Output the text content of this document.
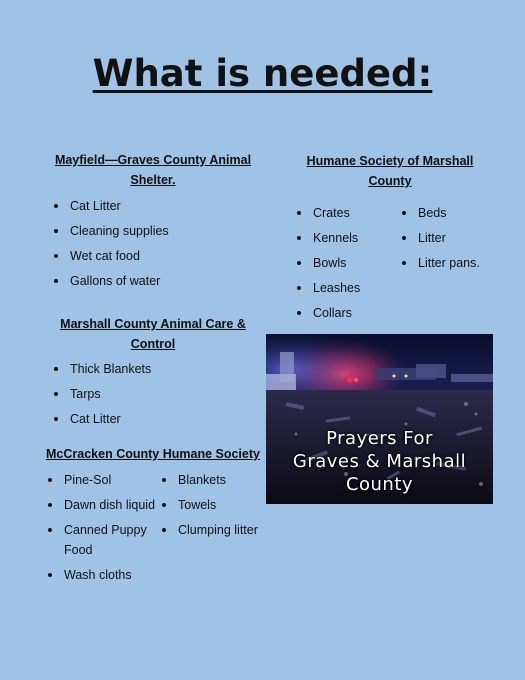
What is needed:
Mayfield—Graves County Animal
Shelter.
Cat Litter
Cleaning supplies
Wet cat food
Gallons of water
Marshall County Animal Care &
Control
Thick Blankets
Tarps
Cat Litter
McCracken County Humane Society
Pine-Sol
Dawn dish liquid
Canned Puppy
Food
Wash cloths
Blankets
Towels
Clumping litter
Humane Society of Marshall
County
Crates
Kennels
Bowls
Leashes
Collars
Beds
Litter
Litter pans.
Prayers For
Graves & Marshall
County
